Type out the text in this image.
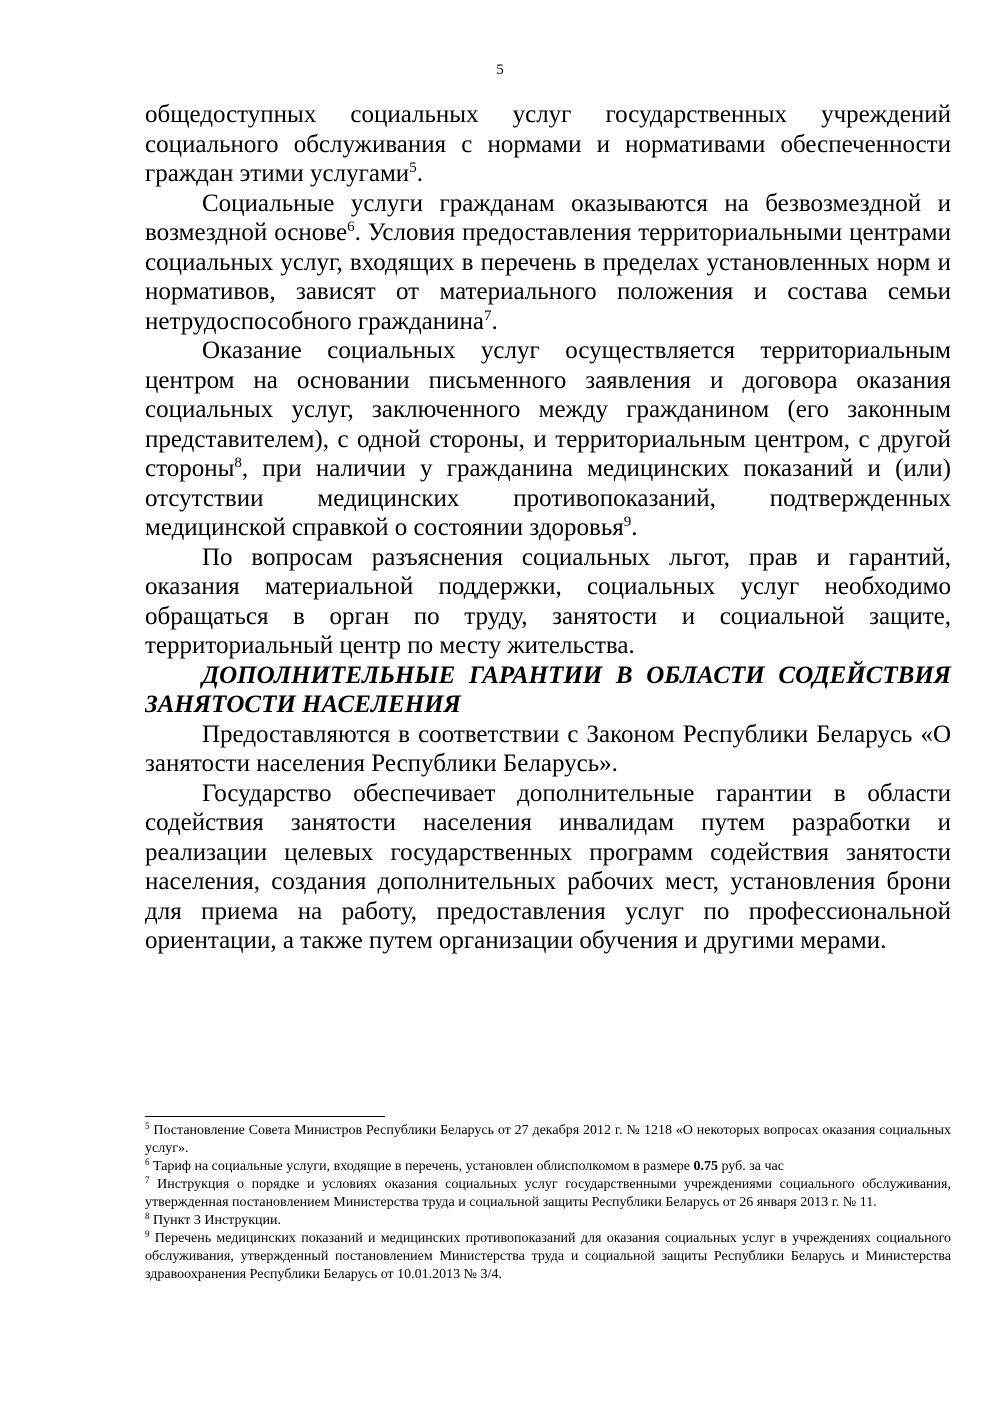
5

общедоступных социальных услуг государственных учреждений социального обслуживания с нормами и нормативами обеспеченности граждан этими услугами$^5$.

Социальные услуги гражданам оказываются на безвозмездной и возмездной основе$^6$. Условия предоставления территориальными центрами социальных услуг, входящих в перечень в пределах установленных норм и нормативов, зависят от материального положения и состава семьи нетрудоспособного гражданина$^7$.

Оказание социальных услуг осуществляется территориальным центром на основании письменного заявления и договора оказания социальных услуг, заключенного между гражданином (его законным представителем), с одной стороны, и территориальным центром, с другой стороны$^8$, при наличии у гражданина медицинских показаний и (или) отсутствии медицинских противопоказаний, подтвержденных медицинской справкой о состоянии здоровья$^9$.

По вопросам разъяснения социальных льгот, прав и гарантий, оказания материальной поддержки, социальных услуг необходимо обращаться в орган по труду, занятости и социальной защите, территориальный центр по месту жительства.

ДОПОЛНИТЕЛЬНЫЕ ГАРАНТИИ В ОБЛАСТИ СОДЕЙСТВИЯ ЗАНЯТОСТИ НАСЕЛЕНИЯ

Предоставляются в соответствии с Законом Республики Беларусь «О занятости населения Республики Беларусь».

Государство обеспечивает дополнительные гарантии в области содействия занятости населения инвалидам путем разработки и реализации целевых государственных программ содействия занятости населения, создания дополнительных рабочих мест, установления брони для приема на работу, предоставления услуг по профессиональной ориентации, а также путем организации обучения и другими мерами.

$^5$ Постановление Совета Министров Республики Беларусь от 27 декабря 2012 г. № 1218 «О некоторых вопросах оказания социальных услуг».

$^6$ Тариф на социальные услуги, входящие в перечень, установлен облисполкомом в размере 0.75 руб. за час

$^7$ Инструкция о порядке и условиях оказания социальных услуг государственными учреждениями социального обслуживания, утвержденная постановлением Министерства труда и социальной защиты Республики Беларусь от 26 января 2013 г. № 11.

$^8$ Пункт 3 Инструкции.

$^9$ Перечень медицинских показаний и медицинских противопоказаний для оказания социальных услуг в учреждениях социального обслуживания, утвержденный постановлением Министерства труда и социальной защиты Республики Беларусь и Министерства здравоохранения Республики Беларусь от 10.01.2013 № 3/4.
